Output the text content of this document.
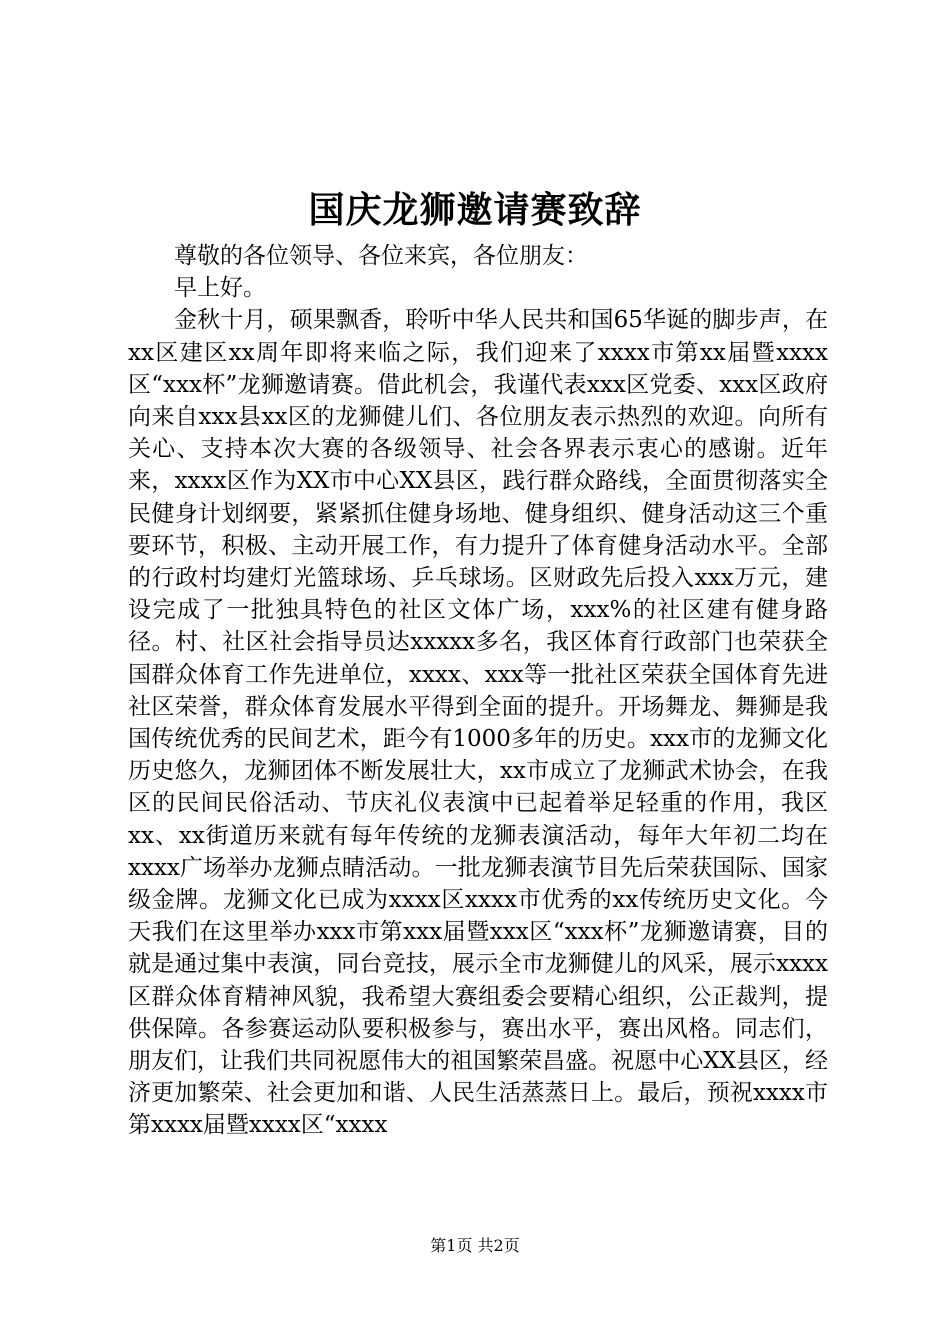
国庆龙狮邀请赛致辞

尊敬的各位领导、各位来宾，各位朋友：

早上好。

金秋十月，硕果飘香，聆听中华人民共和国65华诞的脚步声，在xx区建区xx周年即将来临之际，我们迎来了xxxx市第xx届暨xxxx区“xxx杯”龙狮邀请赛。借此机会，我谨代表xxx区党委、xxx区政府向来自xxx县xx区的龙狮健儿们、各位朋友表示热烈的欢迎。向所有关心、支持本次大赛的各级领导、社会各界表示衷心的感谢。近年来，xxxx区作为XX市中心XX县区，践行群众路线，全面贯彻落实全民健身计划纲要，紧紧抓住健身场地、健身组织、健身活动这三个重要环节，积极、主动开展工作，有力提升了体育健身活动水平。全部的行政村均建灯光篮球场、乒乓球场。区财政先后投入xxx万元，建设完成了一批独具特色的社区文体广场，xxx%的社区建有健身路径。村、社区社会指导员达xxxxx多名，我区体育行政部门也荣获全国群众体育工作先进单位，xxxx、xxx等一批社区荣获全国体育先进社区荣誉，群众体育发展水平得到全面的提升。开场舞龙、舞狮是我国传统优秀的民间艺术，距今有1000多年的历史。xxx市的龙狮文化历史悠久，龙狮团体不断发展壮大，xx市成立了龙狮武术协会，在我区的民间民俗活动、节庆礼仪表演中已起着举足轻重的作用，我区xx、xx街道历来就有每年传统的龙狮表演活动，每年大年初二均在xxxx广场举办龙狮点睛活动。一批龙狮表演节目先后荣获国际、国家级金牌。龙狮文化已成为xxxx区xxxx市优秀的xx传统历史文化。今天我们在这里举办xxx市第xxx届暨xxx区“xxx杯”龙狮邀请赛，目的就是通过集中表演，同台竞技，展示全市龙狮健儿的风采，展示xxxx区群众体育精神风貌，我希望大赛组委会要精心组织，公正裁判，提供保障。各参赛运动队要积极参与，赛出水平，赛出风格。同志们，朋友们，让我们共同祝愿伟大的祖国繁荣昌盛。祝愿中心XX县区，经济更加繁荣、社会更加和谐、人民生活蒸蒸日上。最后，预祝xxxx市第xxxx届暨xxxx区“xxxx

第1页 共2页
